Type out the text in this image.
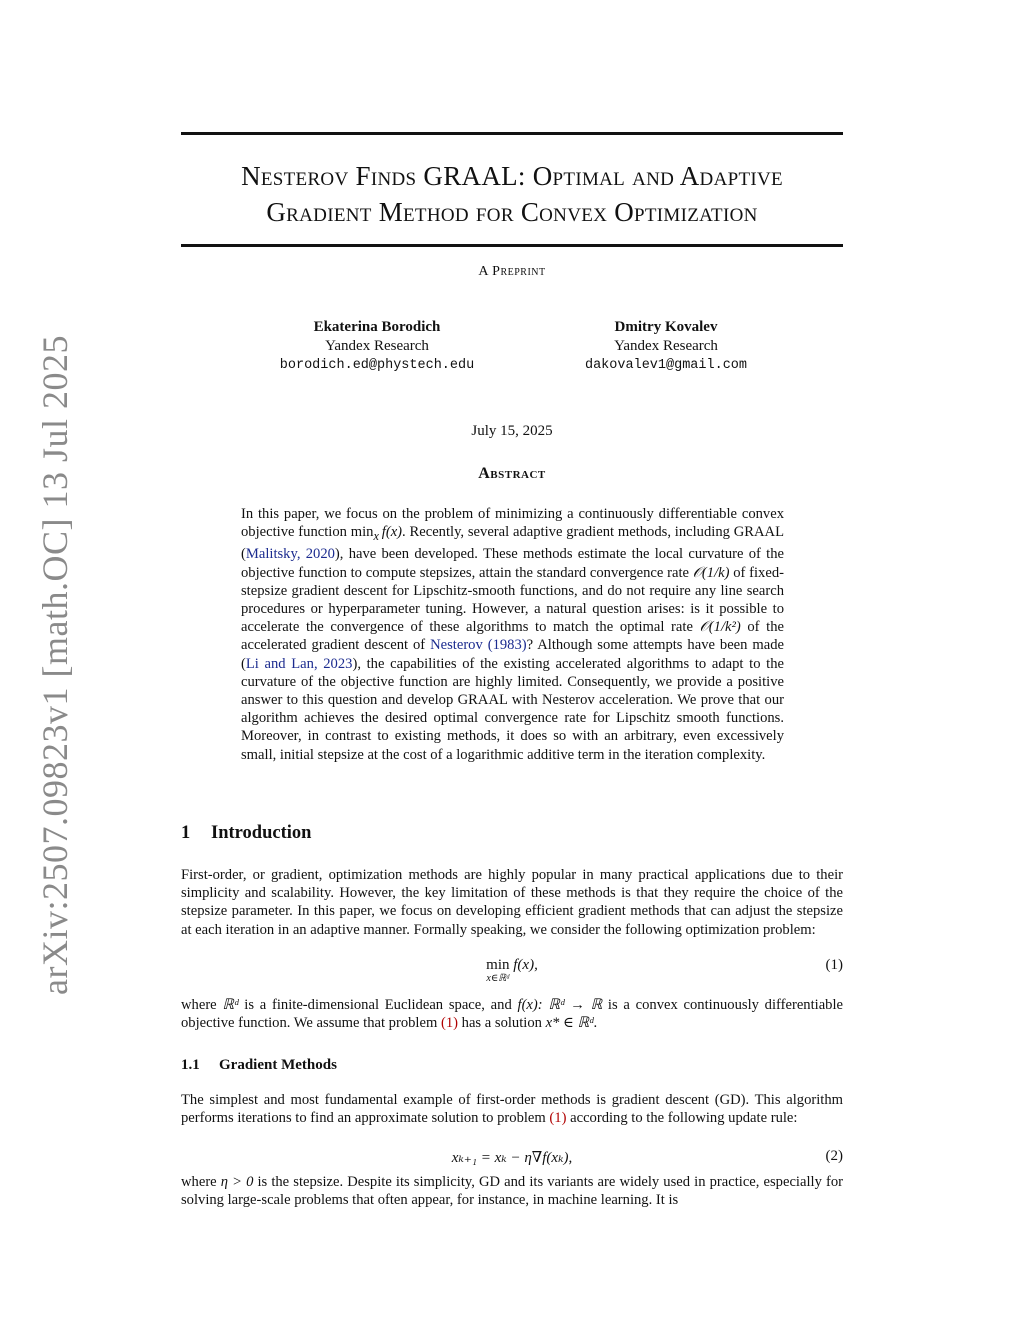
arXiv:2507.09823v1 [math.OC] 13 Jul 2025
Nesterov Finds GRAAL: Optimal and Adaptive
Gradient Method for Convex Optimization
A Preprint
Ekaterina Borodich
Yandex Research
borodich.ed@phystech.edu
Dmitry Kovalev
Yandex Research
dakovalev1@gmail.com
July 15, 2025
Abstract
In this paper, we focus on the problem of minimizing a continuously differentiable convex objective function $\min_x f(x)$. Recently, several adaptive gradient methods, including GRAAL (Malitsky, 2020), have been developed. These methods estimate the local curvature of the objective function to compute stepsizes, attain the standard convergence rate 𝒪(1/k) of fixed-stepsize gradient descent for Lipschitz-smooth functions, and do not require any line search procedures or hyperparameter tuning. However, a natural question arises: is it possible to accelerate the convergence of these algorithms to match the optimal rate 𝒪(1/k²) of the accelerated gradient descent of Nesterov (1983)? Although some attempts have been made (Li and Lan, 2023), the capabilities of the existing accelerated algorithms to adapt to the curvature of the objective function are highly limited. Consequently, we provide a positive answer to this question and develop GRAAL with Nesterov acceleration. We prove that our algorithm achieves the desired optimal convergence rate for Lipschitz smooth functions. Moreover, in contrast to existing methods, it does so with an arbitrary, even excessively small, initial stepsize at the cost of a logarithmic additive term in the iteration complexity.
1 Introduction
First-order, or gradient, optimization methods are highly popular in many practical applications due to their simplicity and scalability. However, the key limitation of these methods is that they require the choice of the stepsize parameter. In this paper, we focus on developing efficient gradient methods that can adjust the stepsize at each iteration in an adaptive manner. Formally speaking, we consider the following optimization problem:
min
x∈ℝᵈ
f(x),	(1)
where ℝᵈ is a finite-dimensional Euclidean space, and f(x): ℝᵈ → ℝ is a convex continuously differentiable objective function. We assume that problem (1) has a solution x* ∈ ℝᵈ.
1.1 Gradient Methods
The simplest and most fundamental example of first-order methods is gradient descent (GD). This algorithm performs iterations to find an approximate solution to problem (1) according to the following update rule:
xₖ₊₁ = xₖ − η∇f(xₖ),	(2)
where η > 0 is the stepsize. Despite its simplicity, GD and its variants are widely used in practice, especially for solving large-scale problems that often appear, for instance, in machine learning. It is
